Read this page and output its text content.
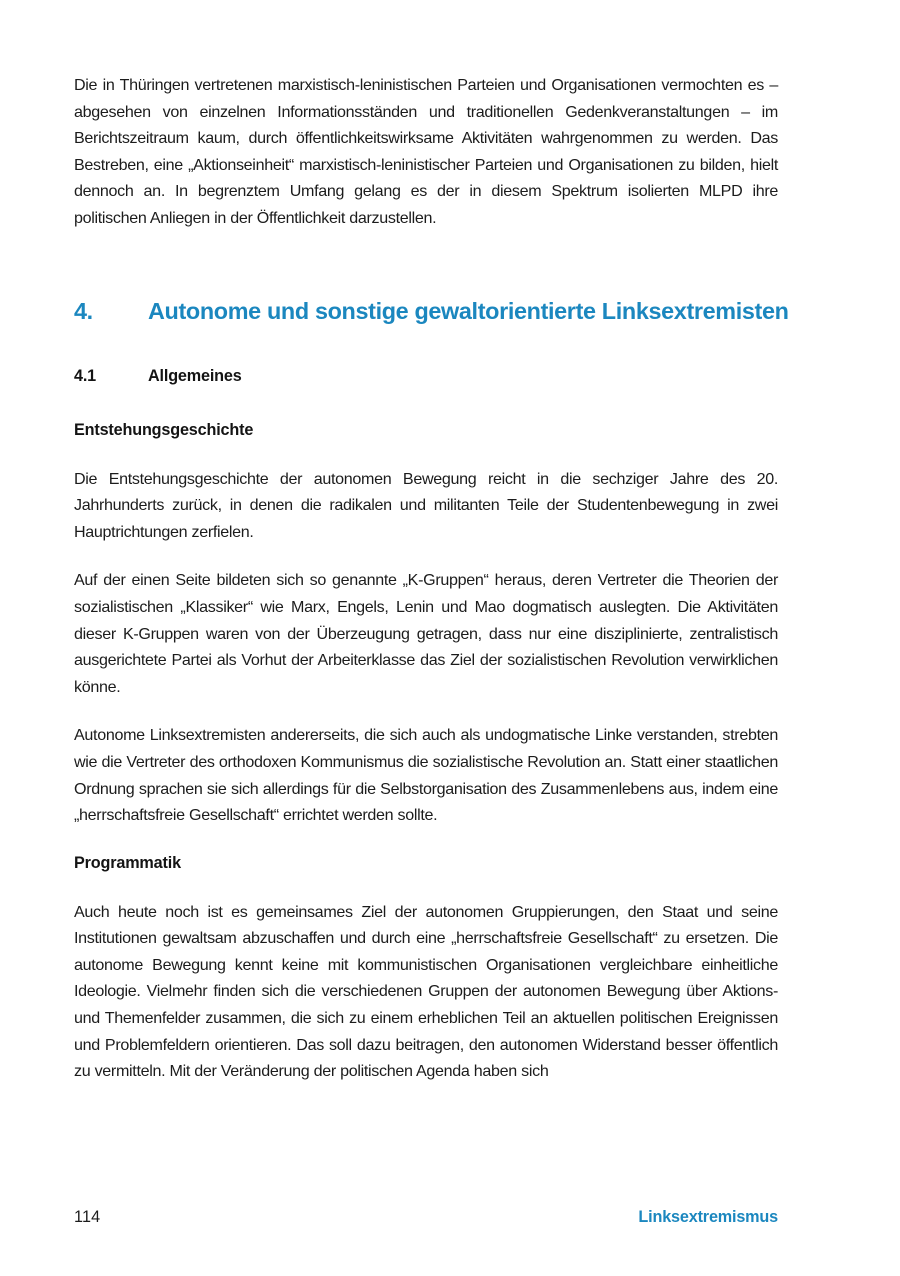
Die in Thüringen vertretenen marxistisch-leninistischen Parteien und Organisationen vermochten es – abgesehen von einzelnen Informationsständen und traditionellen Gedenkveranstaltungen – im Berichtszeitraum kaum, durch öffentlichkeitswirksame Aktivitäten wahrgenommen zu werden. Das Bestreben, eine „Aktionseinheit“ marxistisch-leninistischer Parteien und Organisationen zu bilden, hielt dennoch an. In begrenztem Umfang gelang es der in diesem Spektrum isolierten MLPD ihre politischen Anliegen in der Öffentlichkeit darzustellen.

4.	Autonome und sonstige gewaltorientierte Linksextremisten
4.1	Allgemeines

Entstehungsgeschichte

Die Entstehungsgeschichte der autonomen Bewegung reicht in die sechziger Jahre des 20. Jahrhunderts zurück, in denen die radikalen und militanten Teile der Studentenbewegung in zwei Hauptrichtungen zerfielen.

Auf der einen Seite bildeten sich so genannte „K-Gruppen“ heraus, deren Vertreter die Theorien der sozialistischen „Klassiker“ wie Marx, Engels, Lenin und Mao dogmatisch auslegten. Die Aktivitäten dieser K-Gruppen waren von der Überzeugung getragen, dass nur eine disziplinierte, zentralistisch ausgerichtete Partei als Vorhut der Arbeiterklasse das Ziel der sozialistischen Revolution verwirklichen könne.

Autonome Linksextremisten andererseits, die sich auch als undogmatische Linke verstanden, strebten wie die Vertreter des orthodoxen Kommunismus die sozialistische Revolution an. Statt einer staatlichen Ordnung sprachen sie sich allerdings für die Selbstorganisation des Zusammenlebens aus, indem eine „herrschaftsfreie Gesellschaft“ errichtet werden sollte.

Programmatik

Auch heute noch ist es gemeinsames Ziel der autonomen Gruppierungen, den Staat und seine Institutionen gewaltsam abzuschaffen und durch eine „herrschaftsfreie Gesellschaft“ zu ersetzen. Die autonome Bewegung kennt keine mit kommunistischen Organisationen vergleichbare einheitliche Ideologie. Vielmehr finden sich die verschiedenen Gruppen der autonomen Bewegung über Aktions- und Themenfelder zusammen, die sich zu einem erheblichen Teil an aktuellen politischen Ereignissen und Problemfeldern orientieren. Das soll dazu beitragen, den autonomen Widerstand besser öffentlich zu vermitteln. Mit der Veränderung der politischen Agenda haben sich

114	Linksextremismus
